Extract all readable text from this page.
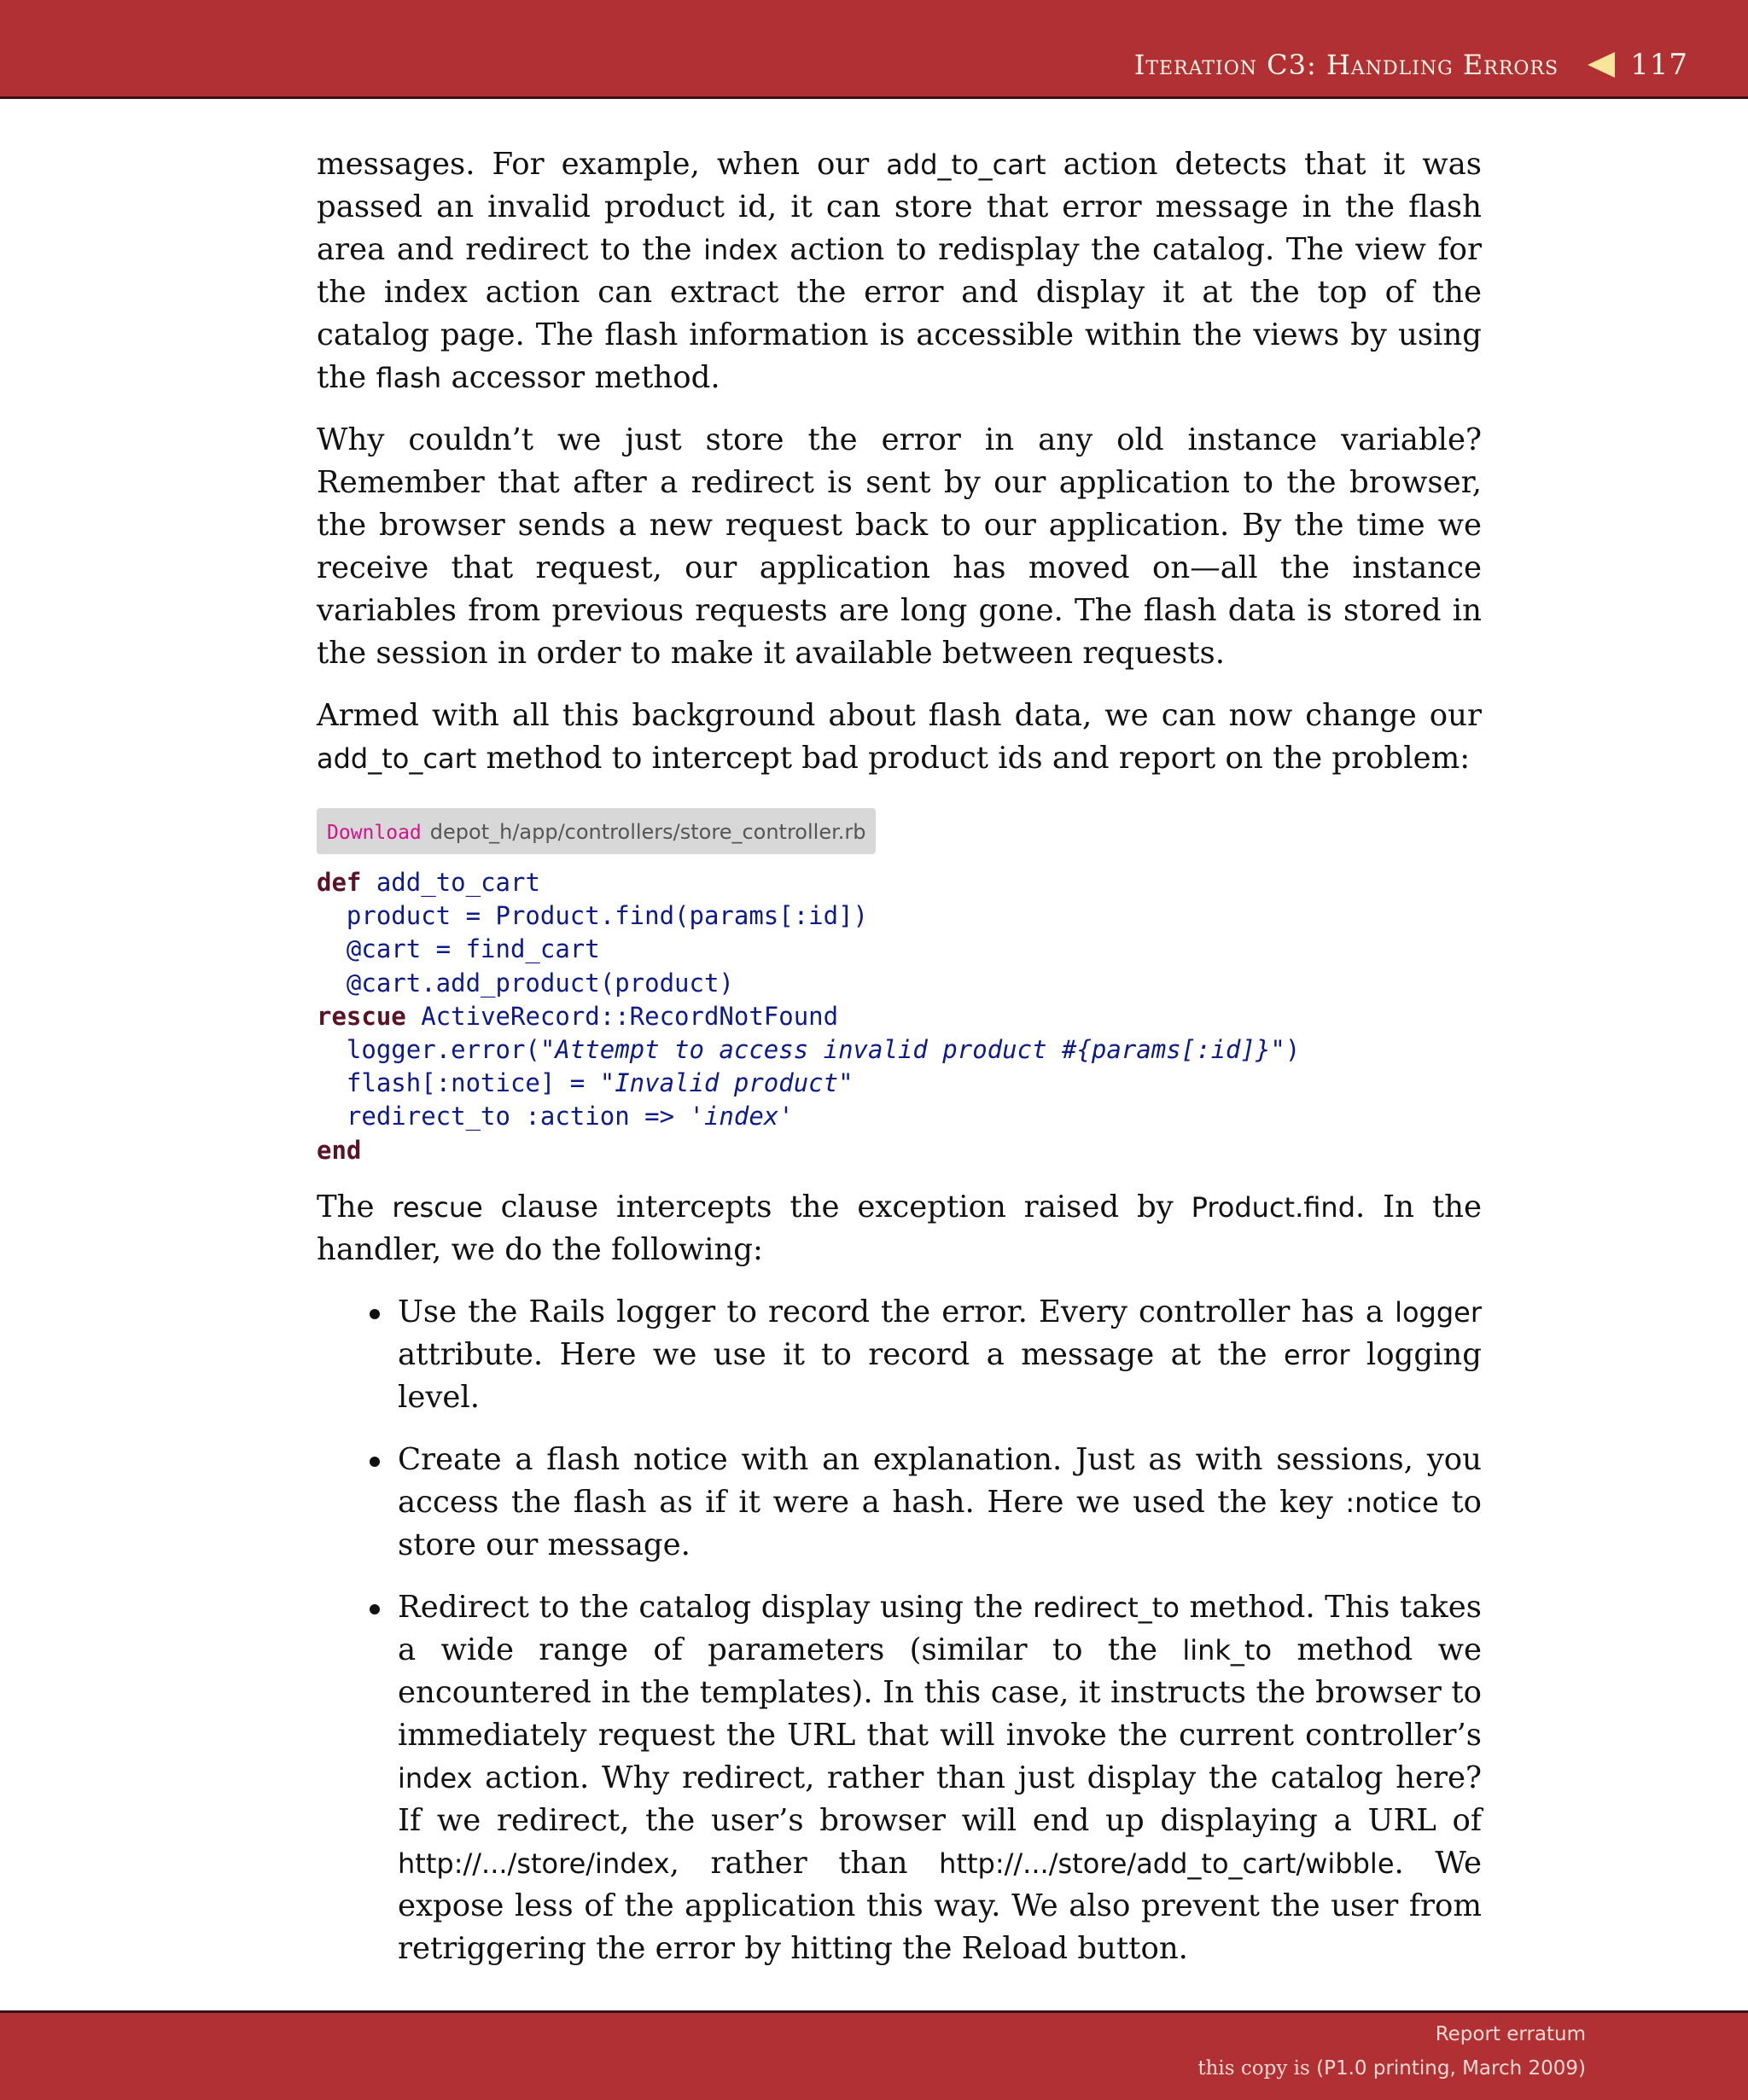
Iteration C3: Handling Errors 117

messages. For example, when our add_to_cart action detects that it was passed an invalid product id, it can store that error message in the flash area and redirect to the index action to redisplay the catalog. The view for the index action can extract the error and display it at the top of the catalog page. The flash information is accessible within the views by using the flash accessor method.

Why couldn’t we just store the error in any old instance variable? Remember that after a redirect is sent by our application to the browser, the browser sends a new request back to our application. By the time we receive that request, our application has moved on—all the instance variables from previous requests are long gone. The flash data is stored in the session in order to make it available between requests.

Armed with all this background about flash data, we can now change our add_to_cart method to intercept bad product ids and report on the problem:

Download depot_h/app/controllers/store_controller.rb
def add_to_cart
product = Product.find(params[:id])
@cart = find_cart
@cart.add_product(product)
rescue ActiveRecord::RecordNotFound
logger.error("Attempt to access invalid product #{params[:id]}")
flash[:notice] = "Invalid product"
redirect_to :action => 'index'
end

The rescue clause intercepts the exception raised by Product.find. In the handler, we do the following:

Use the Rails logger to record the error. Every controller has a logger attribute. Here we use it to record a message at the error logging level.
Create a flash notice with an explanation. Just as with sessions, you access the flash as if it were a hash. Here we used the key :notice to store our message.
Redirect to the catalog display using the redirect_to method. This takes a wide range of parameters (similar to the link_to method we encountered in the templates). In this case, it instructs the browser to immediately request the URL that will invoke the current controller’s index action. Why redirect, rather than just display the catalog here? If we redirect, the user’s browser will end up displaying a URL of http://.../store/index, rather than http://.../store/add_to_cart/wibble. We expose less of the application this way. We also prevent the user from retriggering the error by hitting the Reload button.
Report erratum
this copy is (P1.0 printing, March 2009)
